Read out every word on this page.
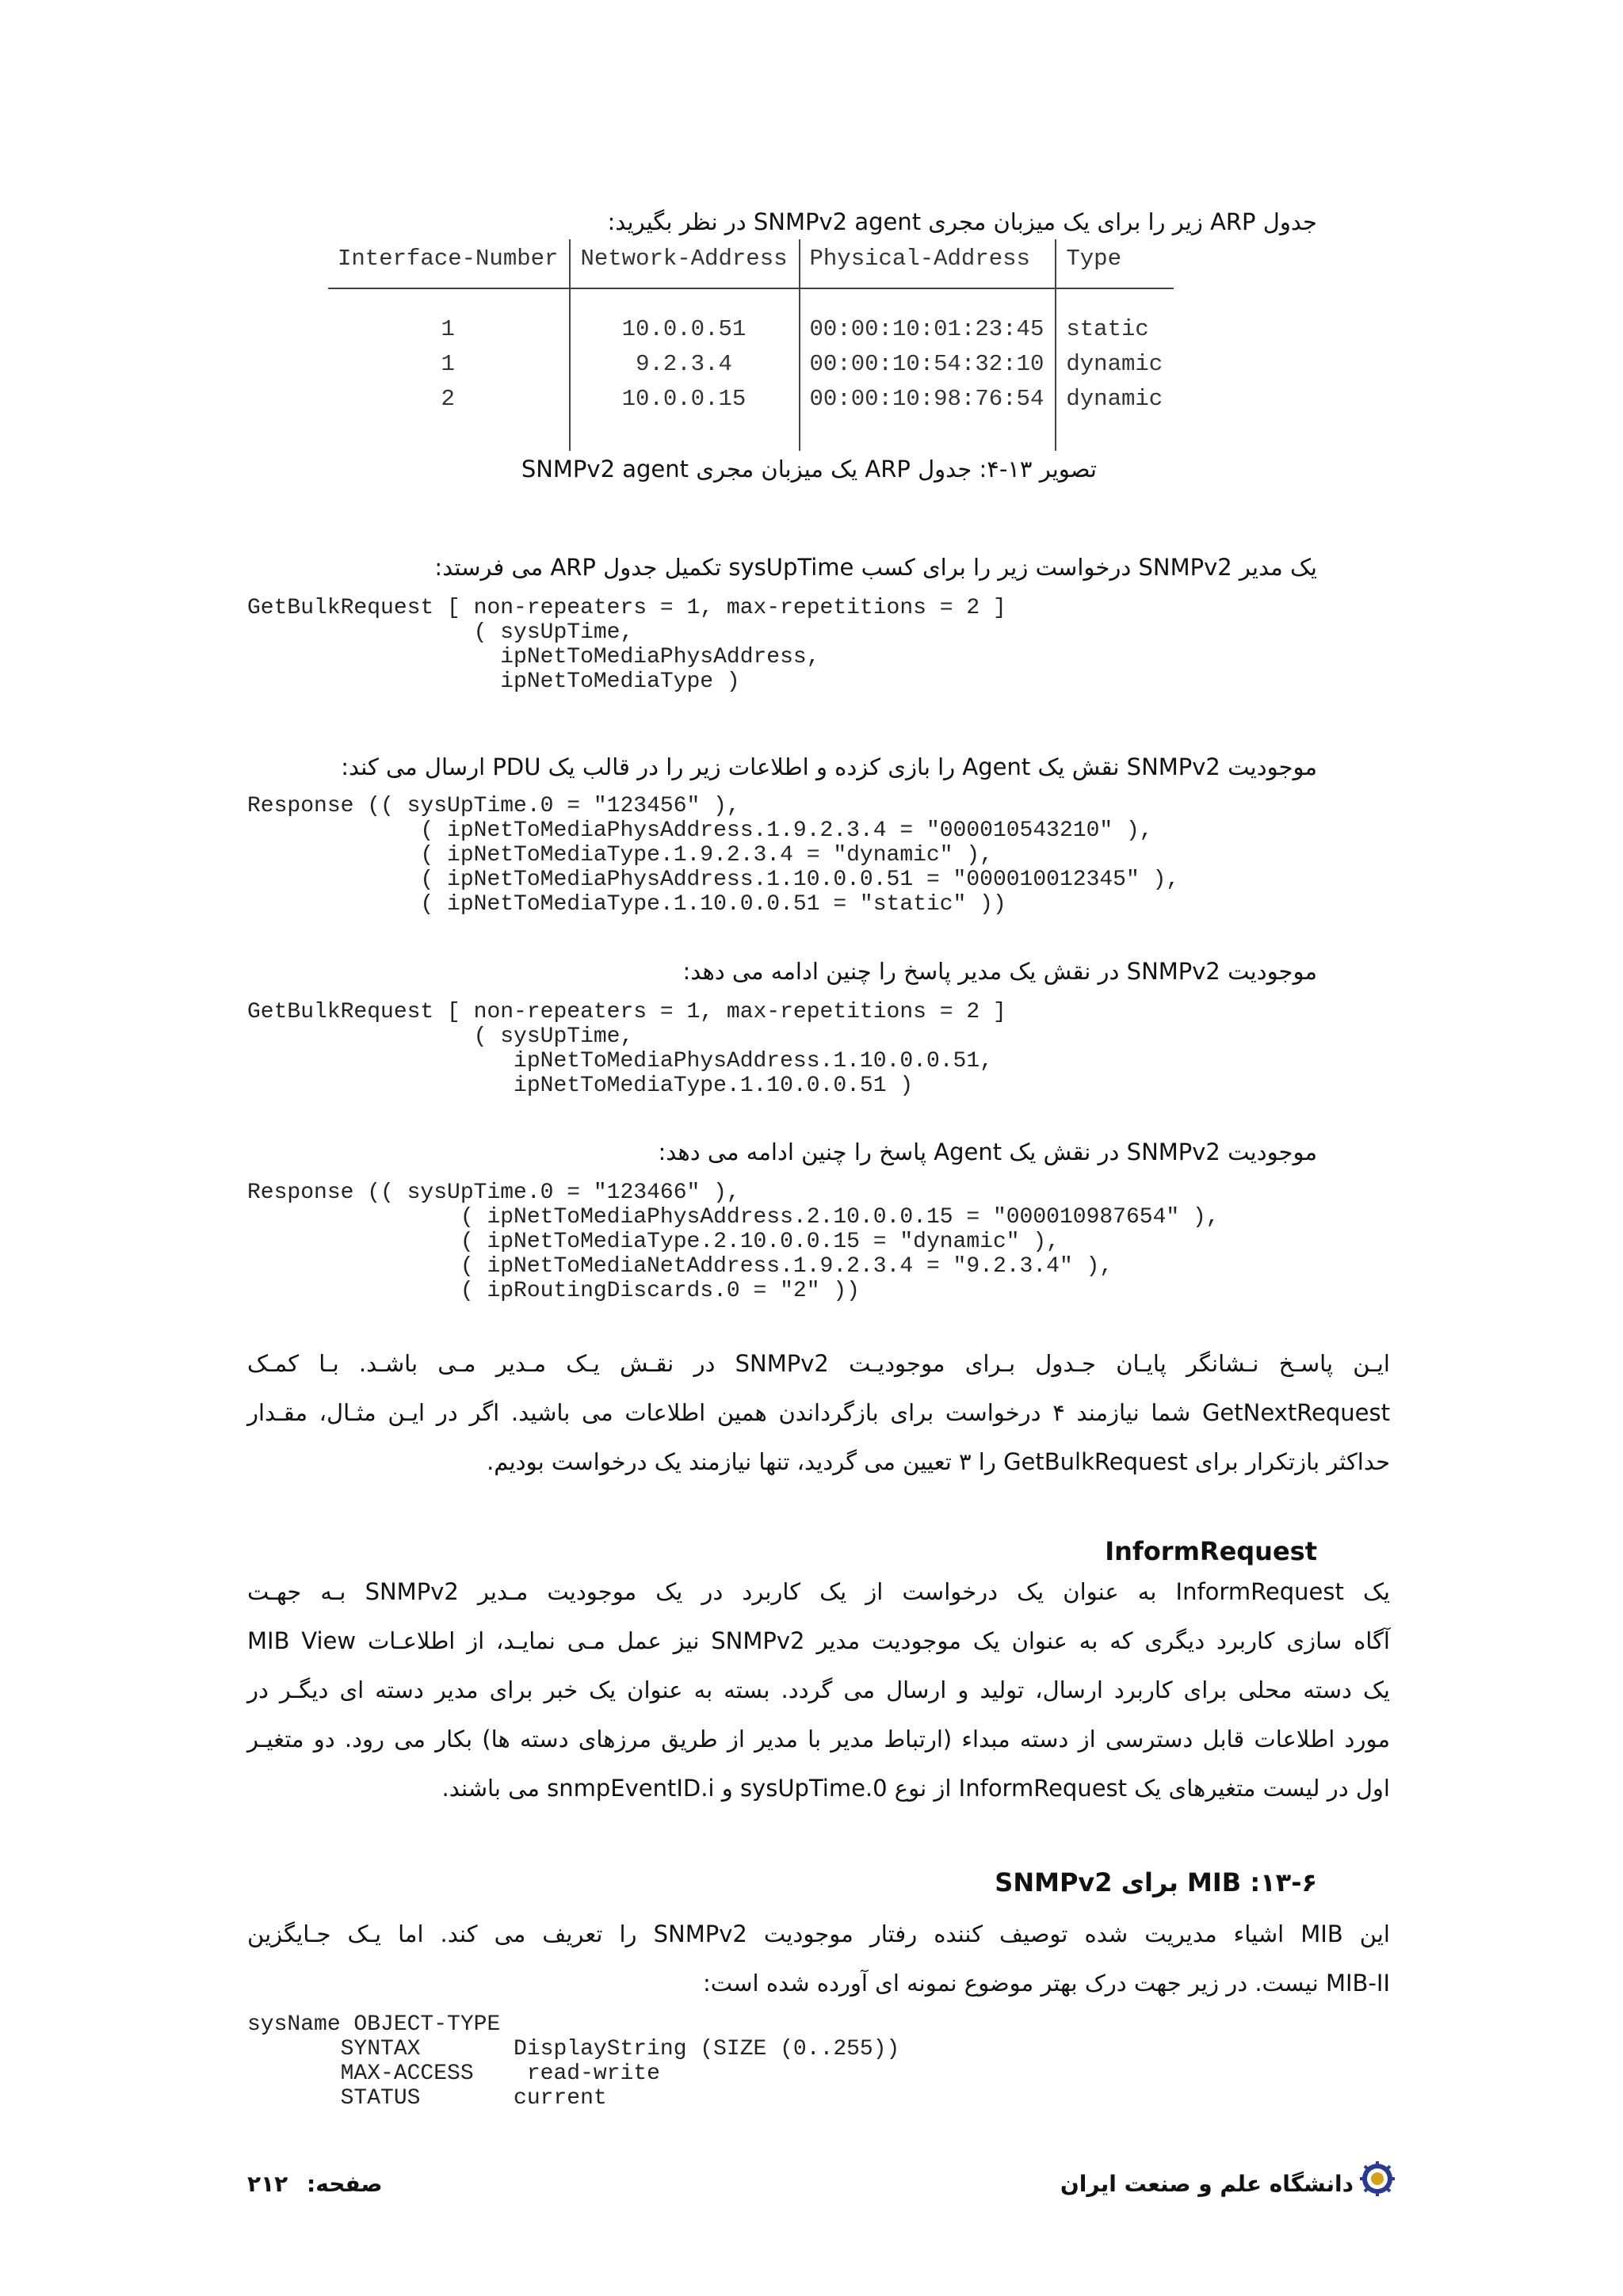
جدول ARP زیر را برای یک میزبان مجری SNMPv2 agent در نظر بگیرید:
Interface-Number	Network-Address	Physical-Address	Type
1	10.0.0.51	00:00:10:01:23:45	static
1	9.2.3.4	00:00:10:54:32:10	dynamic
2	10.0.0.15	00:00:10:98:76:54	dynamic
تصویر ۱۳-۴: جدول ARP یک میزبان مجری SNMPv2 agent
یک مدیر SNMPv2 درخواست زیر را برای کسب sysUpTime تکمیل جدول ARP می فرستد:
GetBulkRequest [ non-repeaters = 1, max-repetitions = 2 ]
( sysUpTime,
ipNetToMediaPhysAddress,
ipNetToMediaType )
موجودیت SNMPv2 نقش یک Agent را بازی کزده و اطلاعات زیر را در قالب یک PDU ارسال می کند:
Response (( sysUpTime.0 = "123456" ),
( ipNetToMediaPhysAddress.1.9.2.3.4 = "000010543210" ),
( ipNetToMediaType.1.9.2.3.4 = "dynamic" ),
( ipNetToMediaPhysAddress.1.10.0.0.51 = "000010012345" ),
( ipNetToMediaType.1.10.0.0.51 = "static" ))
موجودیت SNMPv2 در نقش یک مدیر پاسخ را چنین ادامه می دهد:
GetBulkRequest [ non-repeaters = 1, max-repetitions = 2 ]
( sysUpTime,
ipNetToMediaPhysAddress.1.10.0.0.51,
ipNetToMediaType.1.10.0.0.51 )
موجودیت SNMPv2 در نقش یک Agent پاسخ را چنین ادامه می دهد:
Response (( sysUpTime.0 = "123466" ),
( ipNetToMediaPhysAddress.2.10.0.0.15 = "000010987654" ),
( ipNetToMediaType.2.10.0.0.15 = "dynamic" ),
( ipNetToMediaNetAddress.1.9.2.3.4 = "9.2.3.4" ),
( ipRoutingDiscards.0 = "2" ))
ایـن پاسـخ نـشانگر پایـان جـدول بـرای موجودیـت SNMPv2 در نقـش یـک مـدیر مـی باشـد. بـا کمـک
GetNextRequest شما نیازمند ۴ درخواست برای بازگرداندن همین اطلاعات می باشید. اگر در ایـن مثـال، مقـدار
حداکثر بازتکرار برای GetBulkRequest را ۳ تعیین می گردید، تنها نیازمند یک درخواست بودیم.
InformRequest
یک InformRequest به عنوان یک درخواست از یک کاربرد در یک موجودیت مـدیر SNMPv2 بـه جهـت
آگاه سازی کاربرد دیگری که به عنوان یک موجودیت مدیر SNMPv2 نیز عمل مـی نمایـد، از اطلاعـات MIB View
یک دسته محلی برای کاربرد ارسال، تولید و ارسال می گردد. بسته به عنوان یک خبر برای مدیر دسته ای دیگـر در
مورد اطلاعات قابل دسترسی از دسته مبداء (ارتباط مدیر با مدیر از طریق مرزهای دسته ها) بکار می رود. دو متغیـر
اول در لیست متغیرهای یک InformRequest از نوع sysUpTime.0 و snmpEventID.i می باشند.
۱۳-۶: MIB برای SNMPv2
این MIB اشیاء مدیریت شده توصیف کننده رفتار موجودیت SNMPv2 را تعریف می کند. اما یـک جـایگزین
MIB-II نیست. در زیر جهت درک بهتر موضوع نمونه ای آورده شده است:
sysName OBJECT-TYPE
SYNTAX       DisplayString (SIZE (0..255))
MAX-ACCESS    read-write
STATUS       current
دانشگاه علم و صنعت ایران
صفحه: ۲۱۲
